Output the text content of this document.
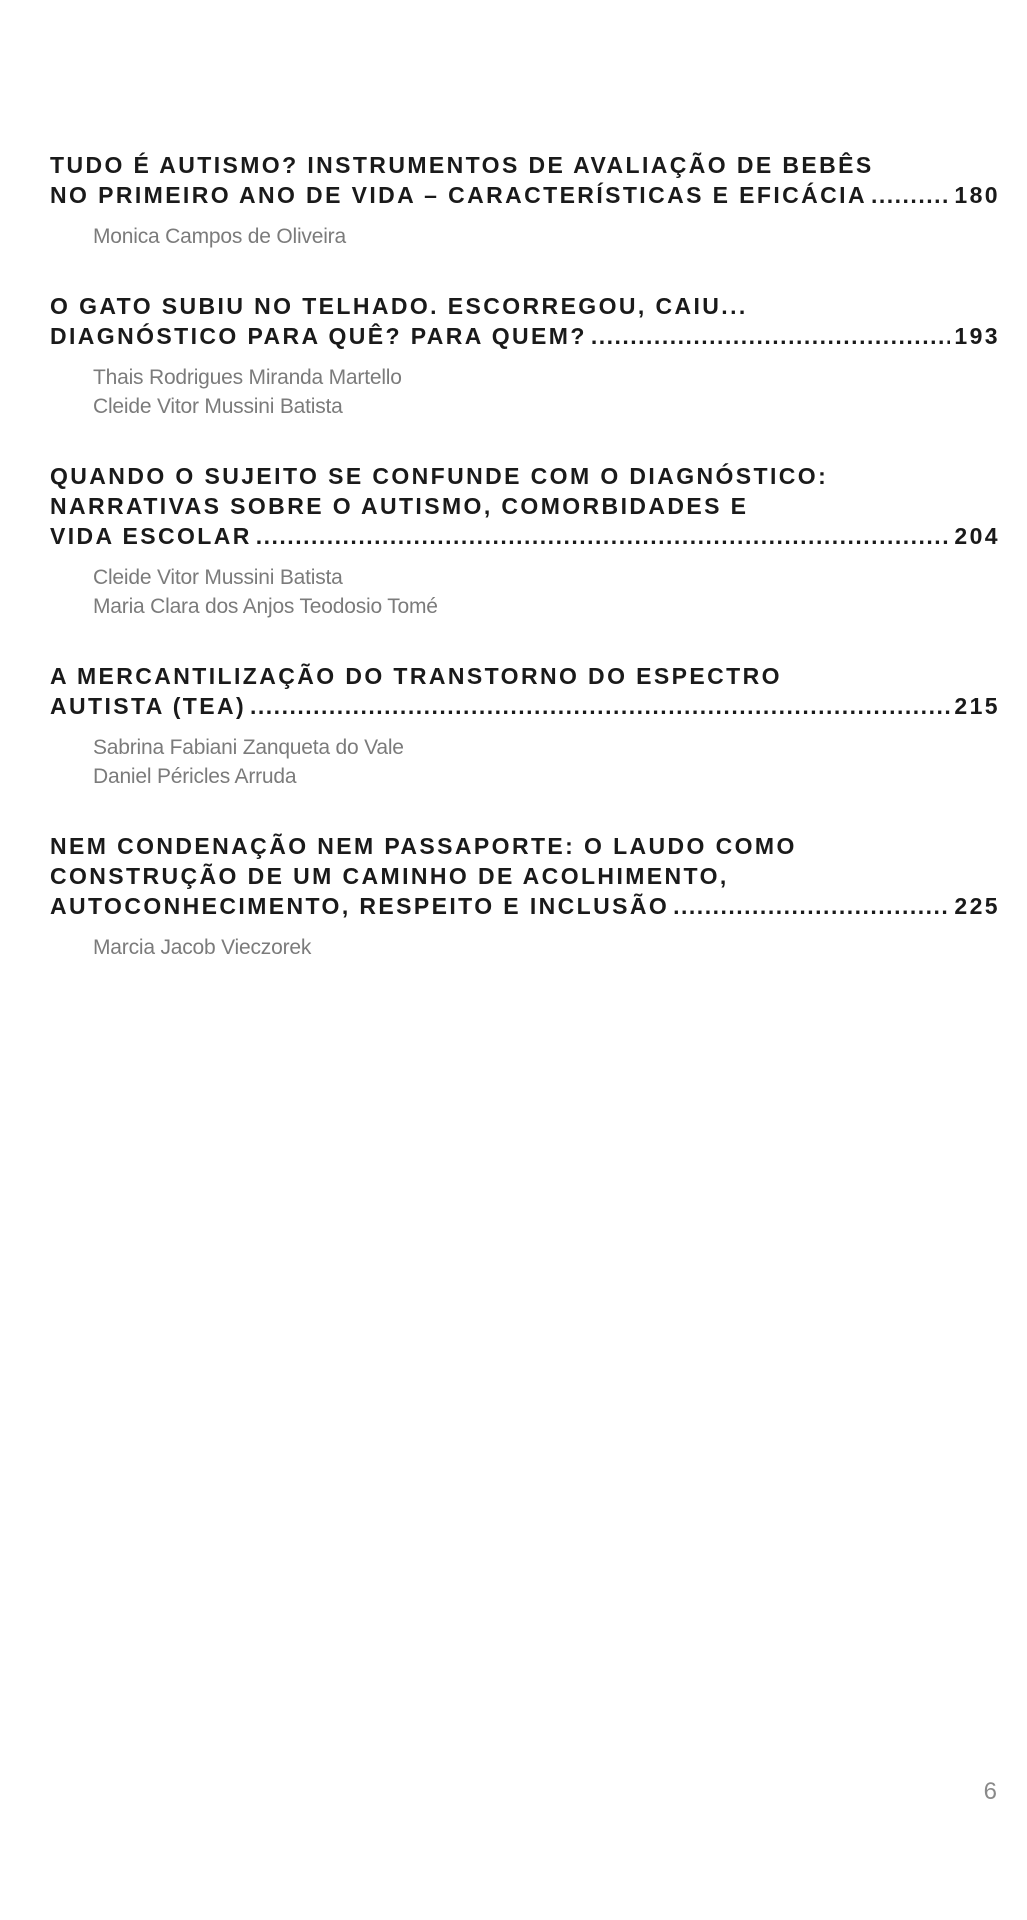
TUDO É AUTISMO? INSTRUMENTOS DE AVALIAÇÃO DE BEBÊS
NO PRIMEIRO ANO DE VIDA – CARACTERÍSTICAS E EFICÁCIA .....	180
Monica Campos de Oliveira
O GATO SUBIU NO TELHADO. ESCORREGOU, CAIU...
DIAGNÓSTICO PARA QUÊ? PARA QUEM? .....	193
Thais Rodrigues Miranda Martello
Cleide Vitor Mussini Batista
QUANDO O SUJEITO SE CONFUNDE COM O DIAGNÓSTICO:
NARRATIVAS SOBRE O AUTISMO, COMORBIDADES E
VIDA ESCOLAR .....	204
Cleide Vitor Mussini Batista
Maria Clara dos Anjos Teodosio Tomé
A MERCANTILIZAÇÃO DO TRANSTORNO DO ESPECTRO
AUTISTA (TEA) .....	215
Sabrina Fabiani Zanqueta do Vale
Daniel Péricles Arruda
NEM CONDENAÇÃO NEM PASSAPORTE: O LAUDO COMO
CONSTRUÇÃO DE UM CAMINHO DE ACOLHIMENTO,
AUTOCONHECIMENTO, RESPEITO E INCLUSÃO .....	225
Marcia Jacob Vieczorek
6
